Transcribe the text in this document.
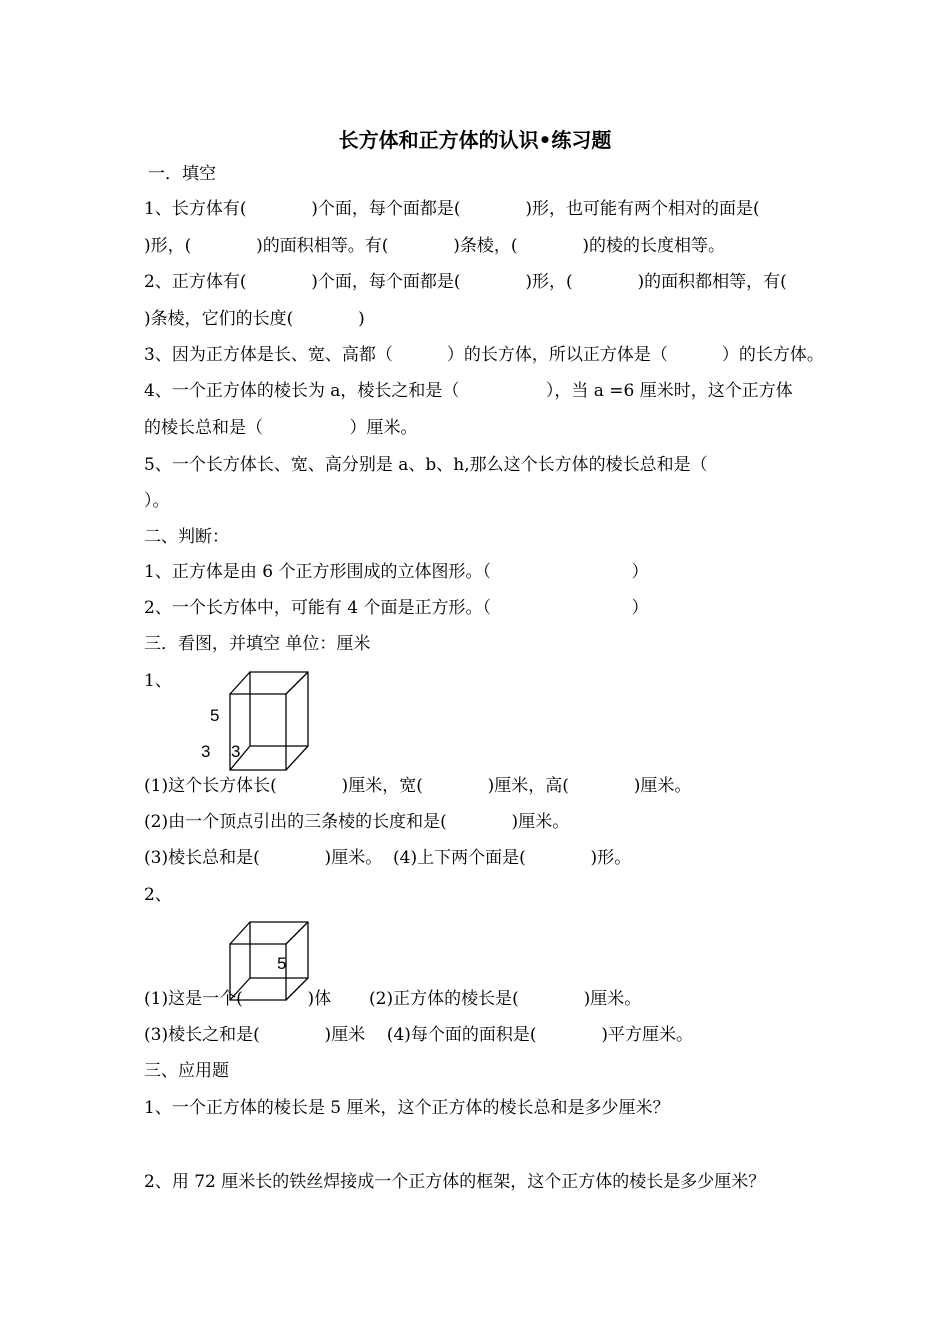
长方体和正方体的认识•练习题
一．填空
1、长方体有(            )个面，每个面都是(            )形，也可能有两个相对的面是(
)形，(            )的面积相等。有(            )条棱，(            )的棱的长度相等。
2、正方体有(            )个面，每个面都是(            )形，(            )的面积都相等，有(
)条棱，它们的长度(            )
3、因为正方体是长、宽、高都（          ）的长方体，所以正方体是（          ）的长方体。
4、一个正方体的棱长为 a，棱长之和是（                ），当 a =6 厘米时，这个正方体
的棱长总和是（                ）厘米。
5、一个长方体长、宽、高分别是 a、b、h,那么这个长方体的棱长总和是（
）。
二、判断：
1、正方体是由 6 个正方形围成的立体图形。（                          ）
2、一个长方体中，可能有 4 个面是正方形。（                          ）
三．看图，并填空 单位：厘米
1、
5
3 3
(1)这个长方体长(            )厘米，宽(            )厘米，高(            )厘米。
(2)由一个顶点引出的三条棱的长度和是(            )厘米。
(3)棱长总和是(            )厘米。  (4)上下两个面是(            )形。
2、
5
(1)这是一个(            )体       (2)正方体的棱长是(            )厘米。
(3)棱长之和是(            )厘米    (4)每个面的面积是(            )平方厘米。
三、应用题
1、一个正方体的棱长是 5 厘米，这个正方体的棱长总和是多少厘米？
2、用 72 厘米长的铁丝焊接成一个正方体的框架，这个正方体的棱长是多少厘米？
